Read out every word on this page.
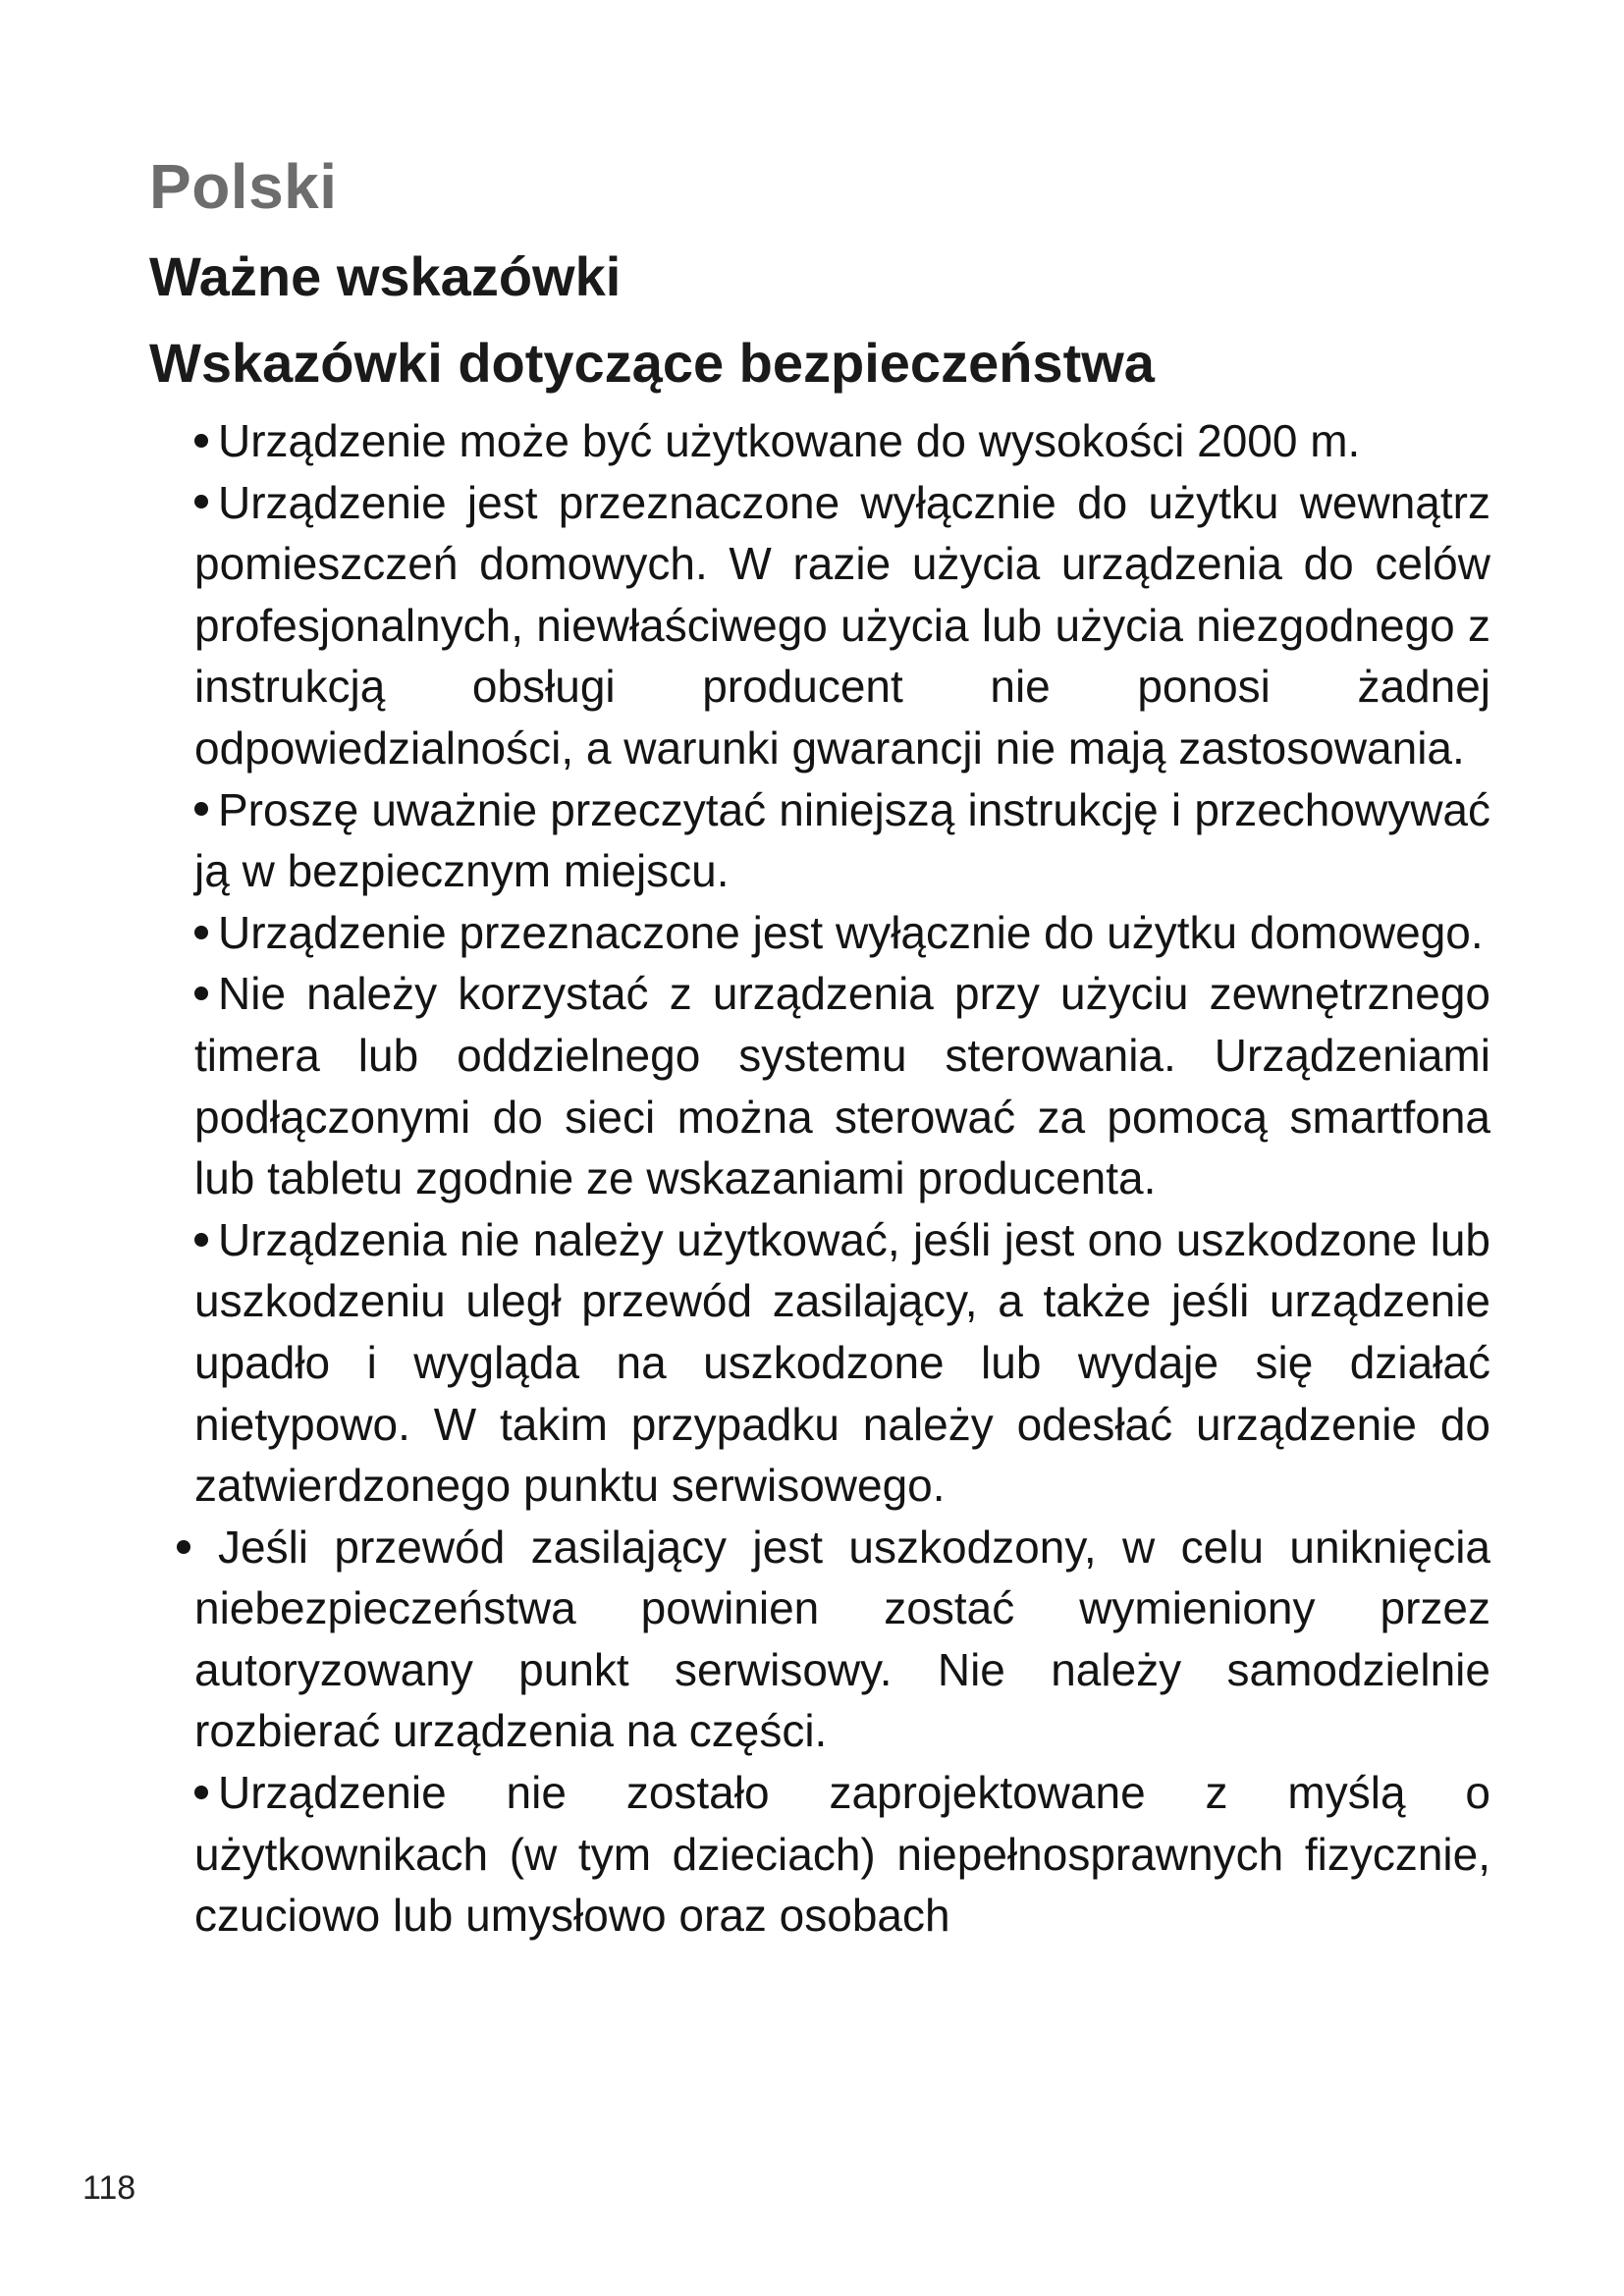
Polski
Ważne wskazówki
Wskazówki dotyczące bezpieczeństwa
Urządzenie może być użytkowane do wysokości 2000 m.
Urządzenie jest przeznaczone wyłącznie do użytku wewnątrz pomieszczeń domowych. W razie użycia urządzenia do celów profesjonalnych, niewłaściwego użycia lub użycia niezgodnego z instrukcją obsługi producent nie ponosi żadnej odpowiedzialności, a warunki gwarancji nie mają zastosowania.
Proszę uważnie przeczytać niniejszą instrukcję i przechowywać ją w bezpiecznym miejscu.
Urządzenie przeznaczone jest wyłącznie do użytku domowego.
Nie należy korzystać z urządzenia przy użyciu zewnętrznego timera lub oddzielnego systemu sterowania. Urządzeniami podłączonymi do sieci można sterować za pomocą smartfona lub tabletu zgodnie ze wskazaniami producenta.
Urządzenia nie należy użytkować, jeśli jest ono uszkodzone lub uszkodzeniu uległ przewód zasilający, a także jeśli urządzenie upadło i wygląda na uszkodzone lub wydaje się działać nietypowo. W takim przypadku należy odesłać urządzenie do zatwierdzonego punktu serwisowego.
Jeśli przewód zasilający jest uszkodzony, w celu uniknięcia niebezpieczeństwa powinien zostać wymieniony przez autoryzowany punkt serwisowy. Nie należy samodzielnie rozbierać urządzenia na części.
Urządzenie nie zostało zaprojektowane z myślą o użytkownikach (w tym dzieciach) niepełnosprawnych fizycznie, czuciowo lub umysłowo oraz osobach
118
